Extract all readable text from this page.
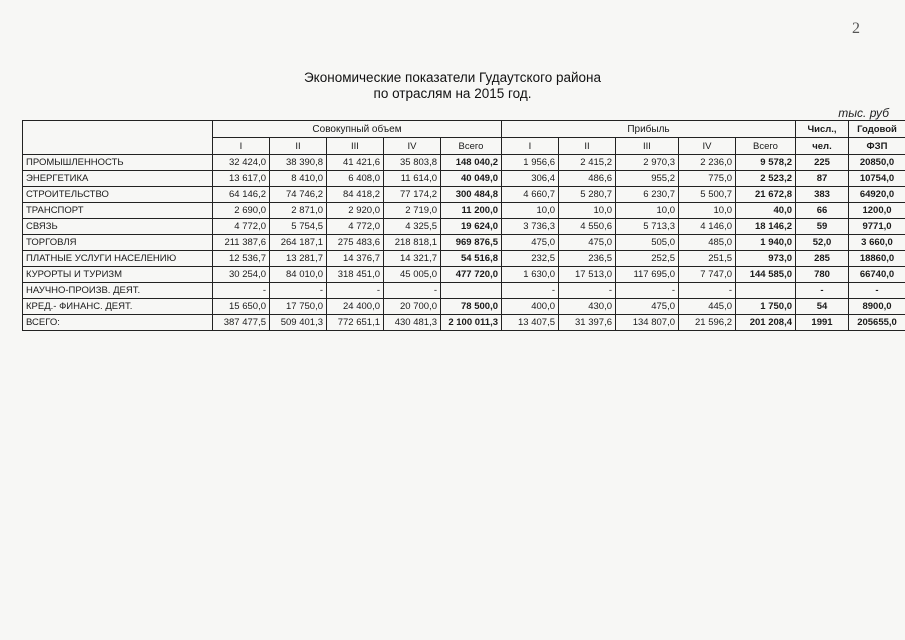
2
Экономические показатели Гудаутского района
по отраслям на 2015 год.
тыс. руб
	Совокупный объем					Прибыль					Числ.,	Годовой
	I	II	III	IV	Всего	I	II	III	IV	Всего	чел.	ФЗП
ПРОМЫШЛЕННОСТЬ	32 424,0	38 390,8	41 421,6	35 803,8	148 040,2	1 956,6	2 415,2	2 970,3	2 236,0	9 578,2	225	20850,0
ЭНЕРГЕТИКА	13 617,0	8 410,0	6 408,0	11 614,0	40 049,0	306,4	486,6	955,2	775,0	2 523,2	87	10754,0
СТРОИТЕЛЬСТВО	64 146,2	74 746,2	84 418,2	77 174,2	300 484,8	4 660,7	5 280,7	6 230,7	5 500,7	21 672,8	383	64920,0
ТРАНСПОРТ	2 690,0	2 871,0	2 920,0	2 719,0	11 200,0	10,0	10,0	10,0	10,0	40,0	66	1200,0
СВЯЗЬ	4 772,0	5 754,5	4 772,0	4 325,5	19 624,0	3 736,3	4 550,6	5 713,3	4 146,0	18 146,2	59	9771,0
ТОРГОВЛЯ	211 387,6	264 187,1	275 483,6	218 818,1	969 876,5	475,0	475,0	505,0	485,0	1 940,0	52,0	3 660,0
ПЛАТНЫЕ УСЛУГИ НАСЕЛЕНИЮ	12 536,7	13 281,7	14 376,7	14 321,7	54 516,8	232,5	236,5	252,5	251,5	973,0	285	18860,0
КУРОРТЫ И ТУРИЗМ	30 254,0	84 010,0	318 451,0	45 005,0	477 720,0	1 630,0	17 513,0	117 695,0	7 747,0	144 585,0	780	66740,0
НАУЧНО-ПРОИЗВ. ДЕЯТ.	-	-	-	-		-	-	-	-		-	-
КРЕД.- ФИНАНС. ДЕЯТ.	15 650,0	17 750,0	24 400,0	20 700,0	78 500,0	400,0	430,0	475,0	445,0	1 750,0	54	8900,0
ВСЕГО:	387 477,5	509 401,3	772 651,1	430 481,3	2 100 011,3	13 407,5	31 397,6	134 807,0	21 596,2	201 208,4	1991	205655,0
